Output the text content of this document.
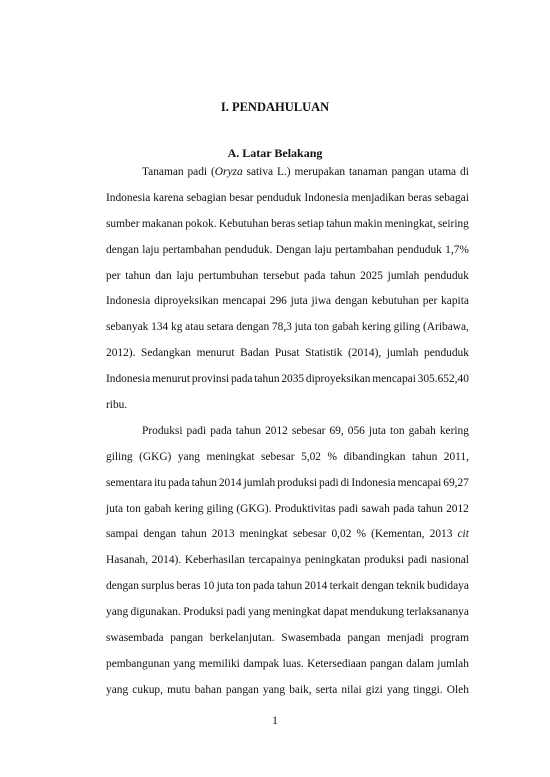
I. PENDAHULUAN
A. Latar Belakang
Tanaman padi (Oryza sativa L.) merupakan tanaman pangan utama di
Indonesia karena sebagian besar penduduk Indonesia menjadikan beras sebagai
sumber makanan pokok. Kebutuhan beras setiap tahun makin meningkat, seiring
dengan laju pertambahan penduduk. Dengan laju pertambahan penduduk 1,7%
per tahun dan laju pertumbuhan tersebut pada tahun 2025 jumlah penduduk
Indonesia diproyeksikan mencapai 296 juta jiwa dengan kebutuhan per kapita
sebanyak 134 kg atau setara dengan 78,3 juta ton gabah kering giling (Aribawa,
2012). Sedangkan menurut Badan Pusat Statistik (2014), jumlah penduduk
Indonesia menurut provinsi pada tahun 2035 diproyeksikan mencapai 305.652,40
ribu.
Produksi padi pada tahun 2012 sebesar 69, 056 juta ton gabah kering
giling (GKG) yang meningkat sebesar 5,02 % dibandingkan tahun 2011,
sementara itu pada tahun 2014 jumlah produksi padi di Indonesia mencapai 69,27
juta ton gabah kering giling (GKG). Produktivitas padi sawah pada tahun 2012
sampai dengan tahun 2013 meningkat sebesar 0,02 % (Kementan, 2013 cit
Hasanah, 2014). Keberhasilan tercapainya peningkatan produksi padi nasional
dengan surplus beras 10 juta ton pada tahun 2014 terkait dengan teknik budidaya
yang digunakan. Produksi padi yang meningkat dapat mendukung terlaksananya
swasembada pangan berkelanjutan. Swasembada pangan menjadi program
pembangunan yang memiliki dampak luas. Ketersediaan pangan dalam jumlah
yang cukup, mutu bahan pangan yang baik, serta nilai gizi yang tinggi. Oleh
1
